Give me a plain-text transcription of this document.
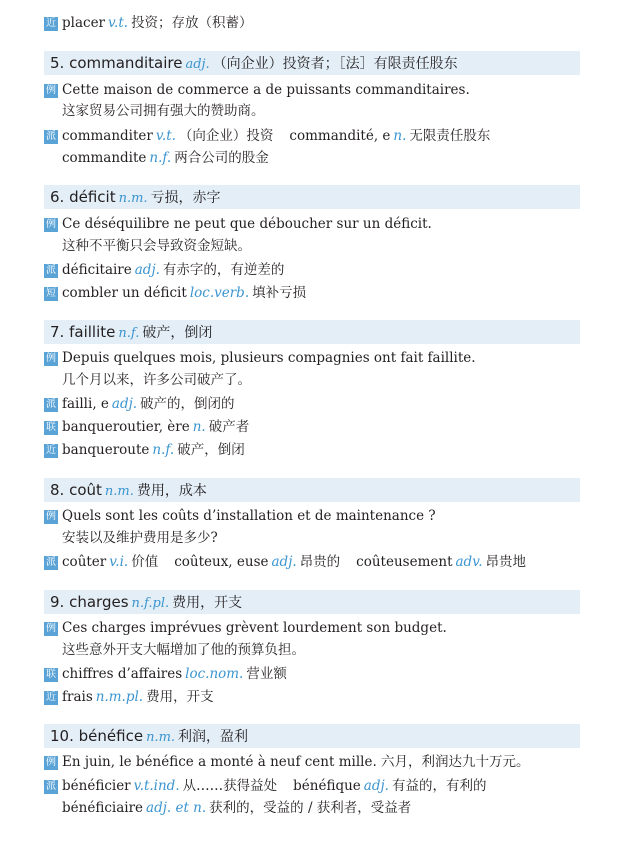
近 placer v.t. 投资；存放（积蓄）
5. commanditaire adj. （向企业）投资者；［法］有限责任股东
例 Cette maison de commerce a de puissants commanditaires.
这家贸易公司拥有强大的赞助商。
派 commanditer v.t. （向企业）投资 commandité, e n. 无限责任股东
commandite n.f. 两合公司的股金
6. déficit n.m. 亏损，赤字
例 Ce déséquilibre ne peut que déboucher sur un déficit.
这种不平衡只会导致资金短缺。
派 déficitaire adj. 有赤字的，有逆差的
短 combler un déficit loc.verb. 填补亏损
7. faillite n.f. 破产，倒闭
例 Depuis quelques mois, plusieurs compagnies ont fait faillite.
几个月以来，许多公司破产了。
派 failli, e adj. 破产的，倒闭的
联 banqueroutier, ère n. 破产者
近 banqueroute n.f. 破产，倒闭
8. coût n.m. 费用，成本
例 Quels sont les coûts d’installation et de maintenance ?
安装以及维护费用是多少?
派 coûter v.i. 价值 coûteux, euse adj. 昂贵的 coûteusement adv. 昂贵地
9. charges n.f.pl. 费用，开支
例 Ces charges imprévues grèvent lourdement son budget.
这些意外开支大幅增加了他的预算负担。
联 chiffres d’affaires loc.nom. 营业额
近 frais n.m.pl. 费用，开支
10. bénéfice n.m. 利润，盈利
例 En juin, le bénéfice a monté à neuf cent mille. 六月，利润达九十万元。
派 bénéficier v.t.ind. 从……获得益处 bénéfique adj. 有益的，有利的
bénéficiaire adj. et n. 获利的，受益的 / 获利者，受益者
